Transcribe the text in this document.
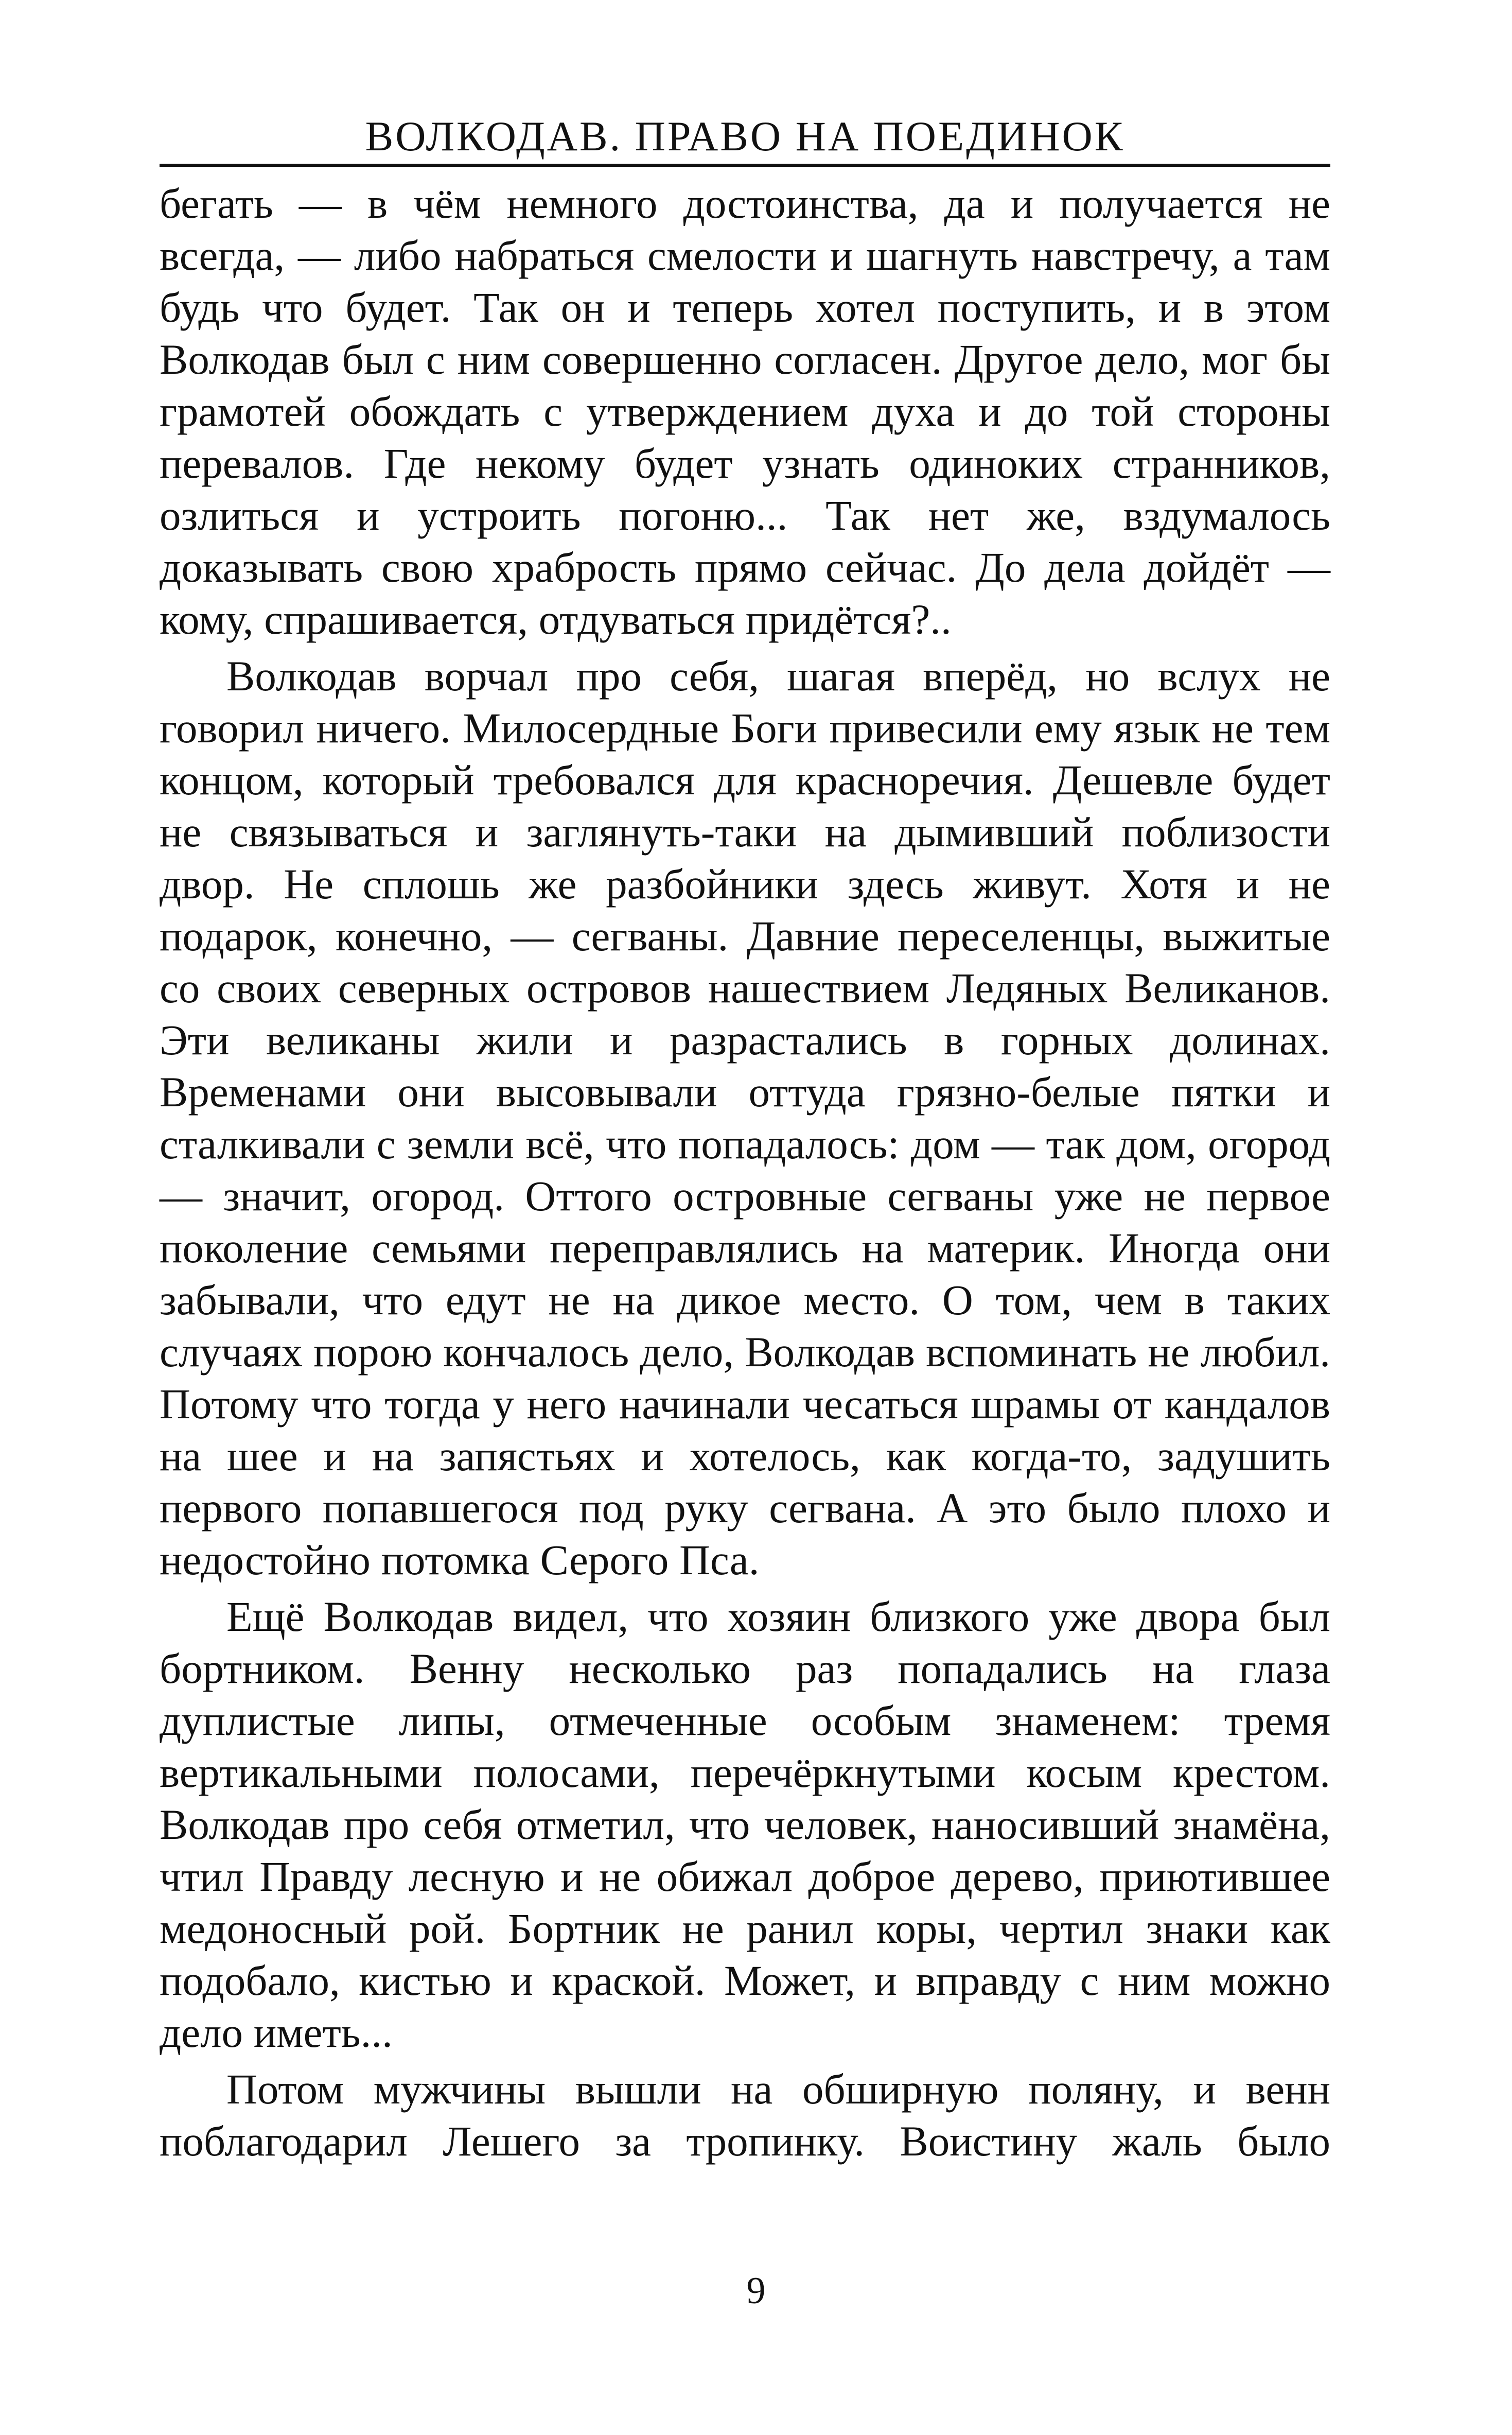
ВОЛКОДАВ. ПРАВО НА ПОЕДИНОК

бегать — в чём немного достоинства, да и получается не всегда, — либо набраться смелости и шагнуть навстречу, а там будь что будет. Так он и теперь хотел поступить, и в этом Волкодав был с ним совершенно согласен. Другое дело, мог бы грамотей обождать с утверждением духа и до той стороны перевалов. Где некому будет узнать одиноких странников, озлиться и устроить погоню... Так нет же, вздумалось доказывать свою храбрость прямо сейчас. До дела дойдёт — кому, спрашивается, отдуваться придётся?..

Волкодав ворчал про себя, шагая вперёд, но вслух не говорил ничего. Милосердные Боги привесили ему язык не тем концом, который требовался для красноречия. Дешевле будет не связываться и заглянуть-таки на дымивший поблизости двор. Не сплошь же разбойники здесь живут. Хотя и не подарок, конечно, — сегваны. Давние переселенцы, выжитые со своих северных островов нашествием Ледяных Великанов. Эти великаны жили и разрастались в горных долинах. Временами они высовывали оттуда грязно-белые пятки и сталкивали с земли всё, что попадалось: дом — так дом, огород — значит, огород. Оттого островные сегваны уже не первое поколение семьями переправлялись на материк. Иногда они забывали, что едут не на дикое место. О том, чем в таких случаях порою кончалось дело, Волкодав вспоминать не любил. Потому что тогда у него начинали чесаться шрамы от кандалов на шее и на запястьях и хотелось, как когда-то, задушить первого попавшегося под руку сегвана. А это было плохо и недостойно потомка Серого Пса.

Ещё Волкодав видел, что хозяин близкого уже двора был бортником. Венну несколько раз попадались на глаза дуплистые липы, отмеченные особым знаменем: тремя вертикальными полосами, перечёркнутыми косым крестом. Волкодав про себя отметил, что человек, наносивший знамёна, чтил Правду лесную и не обижал доброе дерево, приютившее медоносный рой. Бортник не ранил коры, чертил знаки как подобало, кистью и краской. Может, и вправду с ним можно дело иметь...

Потом мужчины вышли на обширную поляну, и венн поблагодарил Лешего за тропинку. Воистину жаль было

9
